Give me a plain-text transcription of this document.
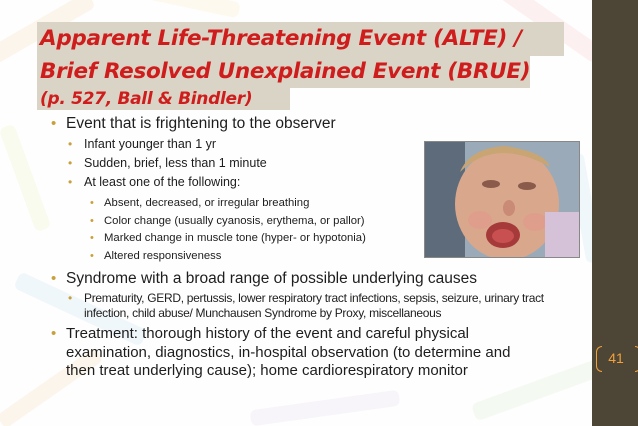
Apparent Life-Threatening Event (ALTE) /
Brief Resolved Unexplained Event (BRUE)
(p. 527, Ball & Bindler)
• Event that is frightening to the observer
• Infant younger than 1 yr
• Sudden, brief, less than 1 minute
• At least one of the following:
• Absent, decreased, or irregular breathing
• Color change (usually cyanosis, erythema, or pallor)
• Marked change in muscle tone (hyper- or hypotonia)
• Altered responsiveness
• Syndrome with a broad range of possible underlying causes
• Prematurity, GERD, pertussis, lower respiratory tract infections, sepsis, seizure, urinary tract infection, child abuse/ Munchausen Syndrome by Proxy, miscellaneous
• Treatment: thorough history of the event and careful physical examination, diagnostics, in-hospital observation (to determine and then treat underlying cause); home cardiorespiratory monitor
41
